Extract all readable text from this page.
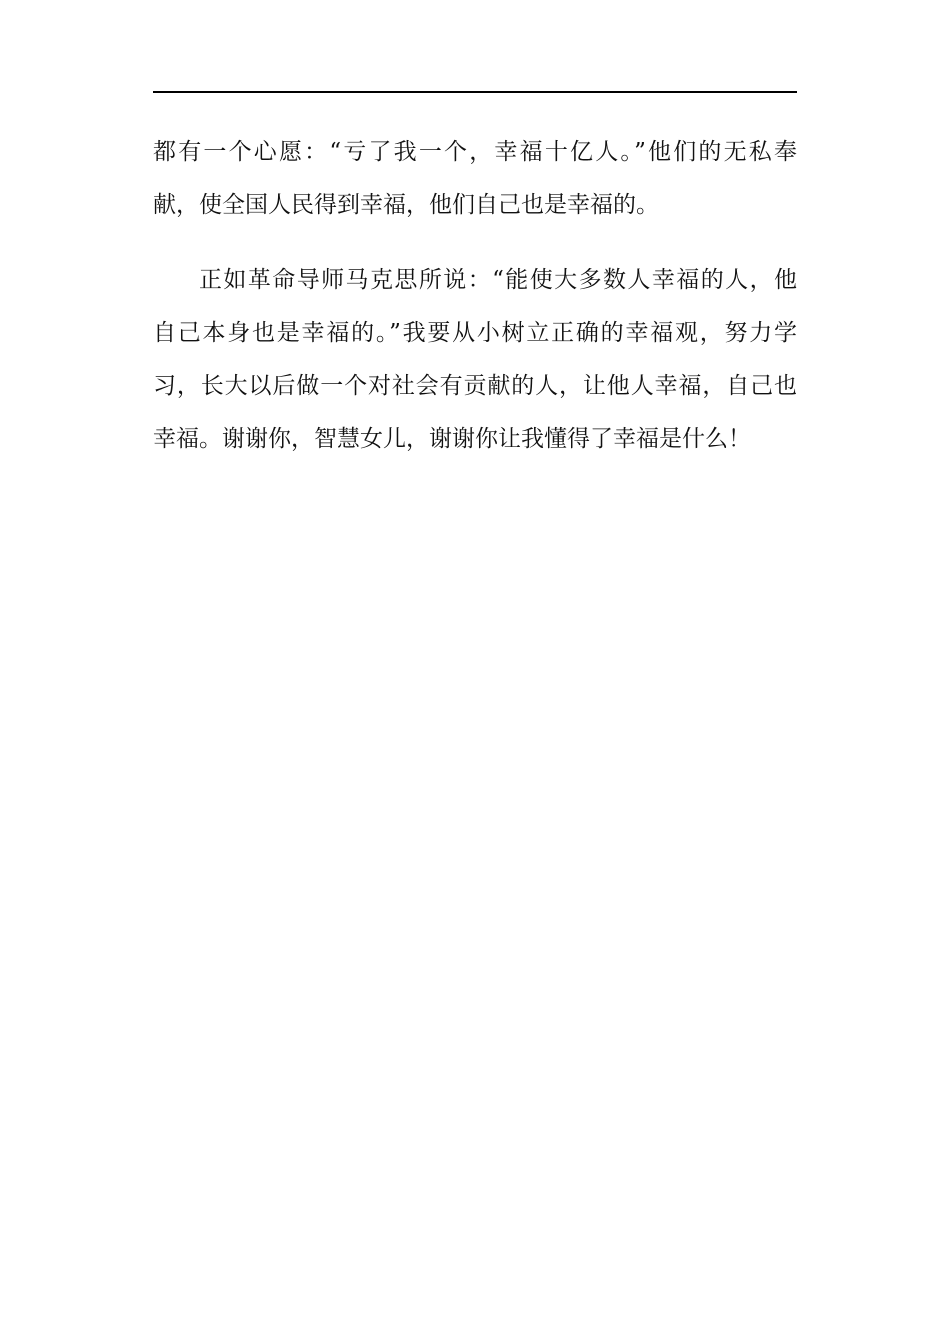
都有一个心愿：“亏了我一个，幸福十亿人。”他们的无私奉

献，使全国人民得到幸福，他们自己也是幸福的。

正如革命导师马克思所说：“能使大多数人幸福的人，他

自己本身也是幸福的。”我要从小树立正确的幸福观，努力学

习，长大以后做一个对社会有贡献的人，让他人幸福，自己也

幸福。谢谢你，智慧女儿，谢谢你让我懂得了幸福是什么！
